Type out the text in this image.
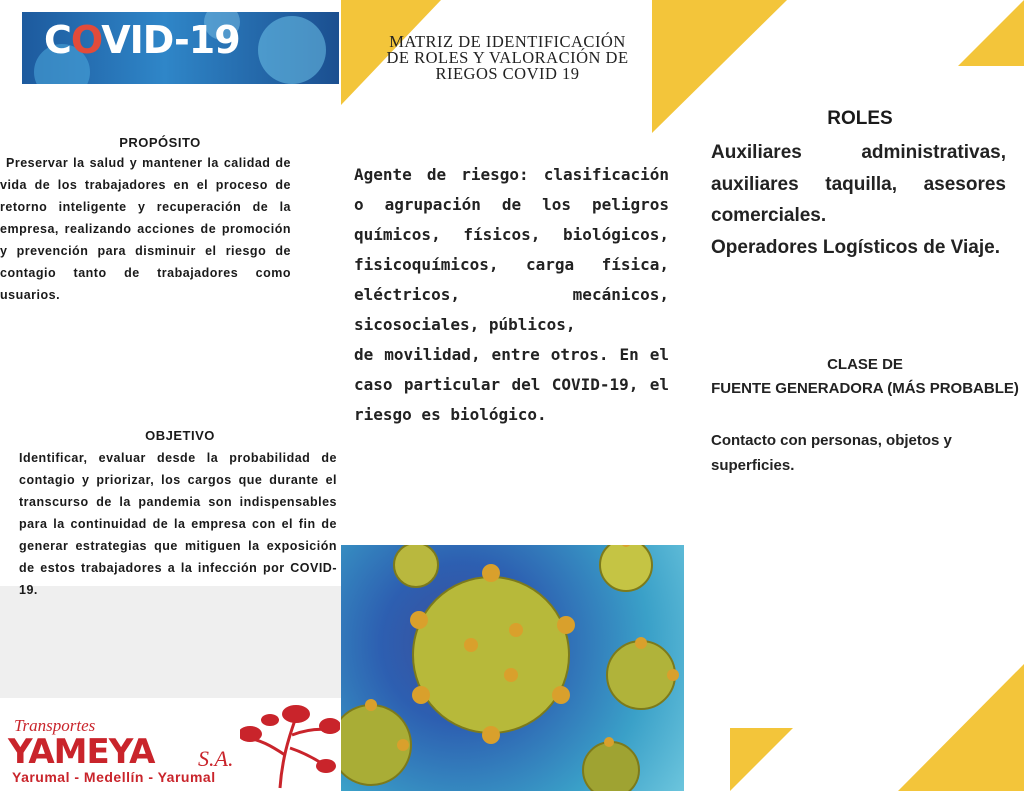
COVID-19	MATRIZ DE IDENTIFICACIÓN DE ROLES Y VALORACIÓN DE RIEGOS COVID 19
PROPÓSITO
Preservar la salud y mantener la calidad de vida de los trabajadores en el proceso de retorno inteligente y recuperación de la empresa, realizando acciones de promoción y prevención para disminuir el riesgo de contagio tanto de trabajadores como usuarios.
OBJETIVO
Identificar, evaluar desde la probabilidad de contagio y priorizar, los cargos que durante el transcurso de la pandemia son indispensables para la continuidad de la empresa con el fin de generar estrategias que mitiguen la exposición de estos trabajadores a la infección por COVID-19.
Agente de riesgo: clasificación o agrupación de los peligros químicos, físicos, biológicos, fisicoquímicos, carga física, eléctricos, mecánicos, sicosociales, públicos,
de movilidad, entre otros. En el caso particular del COVID-19, el riesgo es biológico.
ROLES
Auxiliares administrativas, auxiliares taquilla, asesores comerciales.
Operadores Logísticos de Viaje.
CLASE DE
FUENTE GENERADORA (MÁS PROBABLE)
Contacto con personas, objetos y superficies.
Transportes
YAMEYA S.A.
Yarumal - Medellín - Yarumal
